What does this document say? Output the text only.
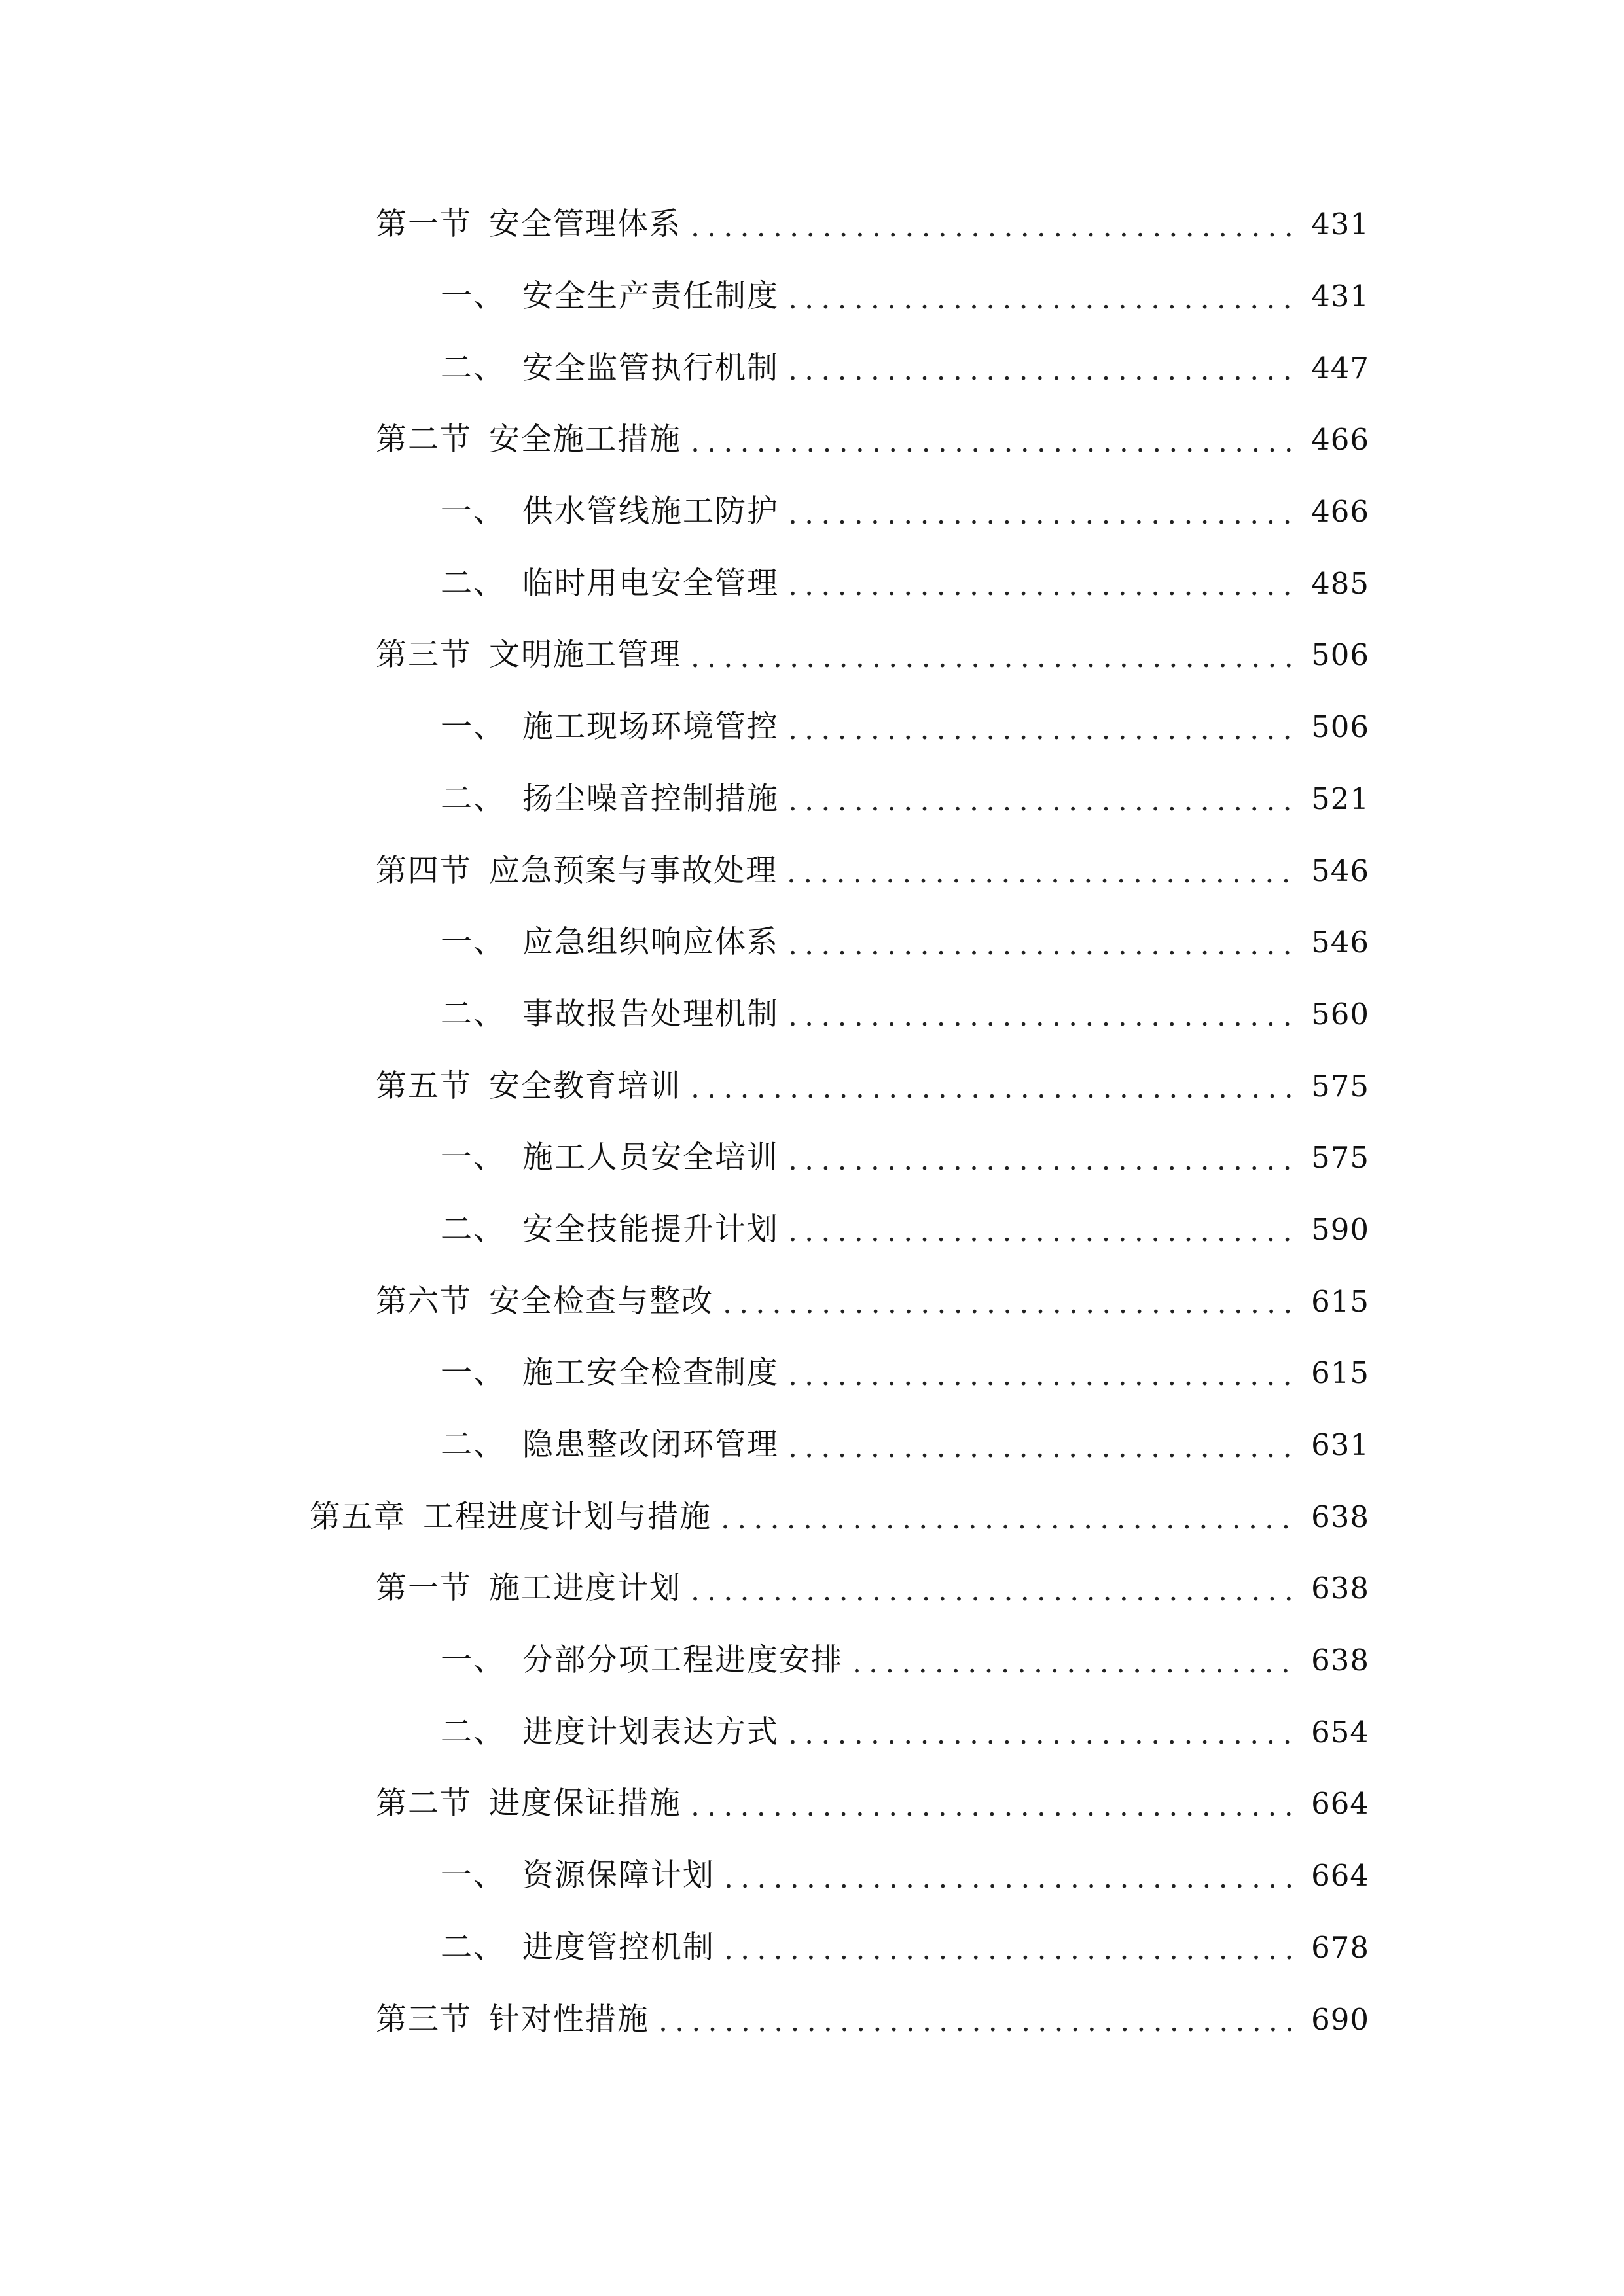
第一节 安全管理体系 .....	431
一、 安全生产责任制度 .....	431
二、 安全监管执行机制 .....	447
第二节 安全施工措施 .....	466
一、 供水管线施工防护 .....	466
二、 临时用电安全管理 .....	485
第三节 文明施工管理 .....	506
一、 施工现场环境管控 .....	506
二、 扬尘噪音控制措施 .....	521
第四节 应急预案与事故处理 .....	546
一、 应急组织响应体系 .....	546
二、 事故报告处理机制 .....	560
第五节 安全教育培训 .....	575
一、 施工人员安全培训 .....	575
二、 安全技能提升计划 .....	590
第六节 安全检查与整改 .....	615
一、 施工安全检查制度 .....	615
二、 隐患整改闭环管理 .....	631
第五章 工程进度计划与措施 .....	638
第一节 施工进度计划 .....	638
一、 分部分项工程进度安排 .....	638
二、 进度计划表达方式 .....	654
第二节 进度保证措施 .....	664
一、 资源保障计划 .....	664
二、 进度管控机制 .....	678
第三节 针对性措施 .....	690
